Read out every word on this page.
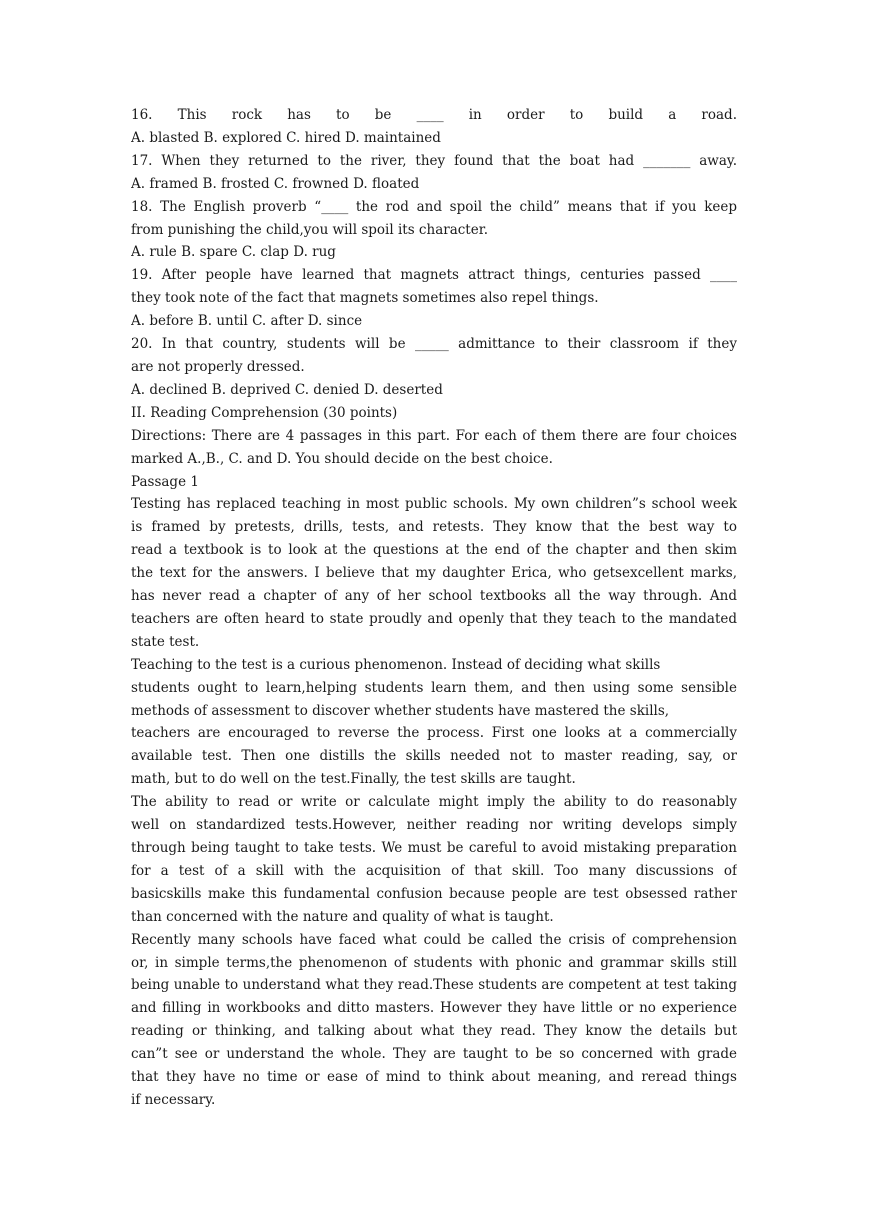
16. This rock has to be ____ in order to build a road.
A. blasted B. explored C. hired D. maintained
17. When they returned to the river, they found that the boat had _______ away.
A. framed B. frosted C. frowned D. floated
18. The English proverb “____ the rod and spoil the child” means that if you keep
from punishing the child,you will spoil its character.
A. rule B. spare C. clap D. rug
19. After people have learned that magnets attract things, centuries passed ____
they took note of the fact that magnets sometimes also repel things.
A. before B. until C. after D. since
20. In that country, students will be _____ admittance to their classroom if they
are not properly dressed.
A. declined B. deprived C. denied D. deserted
II. Reading Comprehension (30 points)
Directions: There are 4 passages in this part. For each of them there are four choices
marked A.,B., C. and D. You should decide on the best choice.
Passage 1
Testing has replaced teaching in most public schools. My own children”s school week
is framed by pretests, drills, tests, and retests. They know that the best way to
read a textbook is to look at the questions at the end of the chapter and then skim
the text for the answers. I believe that my daughter Erica, who getsexcellent marks,
has never read a chapter of any of her school textbooks all the way through. And
teachers are often heard to state proudly and openly that they teach to the mandated
state test.
Teaching to the test is a curious phenomenon. Instead of deciding what skills
students ought to learn,helping students learn them, and then using some sensible
methods of assessment to discover whether students have mastered the skills,
teachers are encouraged to reverse the process. First one looks at a commercially
available test. Then one distills the skills needed not to master reading, say, or
math, but to do well on the test.Finally, the test skills are taught.
The ability to read or write or calculate might imply the ability to do reasonably
well on standardized tests.However, neither reading nor writing develops simply
through being taught to take tests. We must be careful to avoid mistaking preparation
for a test of a skill with the acquisition of that skill. Too many discussions of
basicskills make this fundamental confusion because people are test obsessed rather
than concerned with the nature and quality of what is taught.
Recently many schools have faced what could be called the crisis of comprehension
or, in simple terms,the phenomenon of students with phonic and grammar skills still
being unable to understand what they read.These students are competent at test taking
and filling in workbooks and ditto masters. However they have little or no experience
reading or thinking, and talking about what they read. They know the details but
can”t see or understand the whole. They are taught to be so concerned with grade
that they have no time or ease of mind to think about meaning, and reread things
if necessary.
